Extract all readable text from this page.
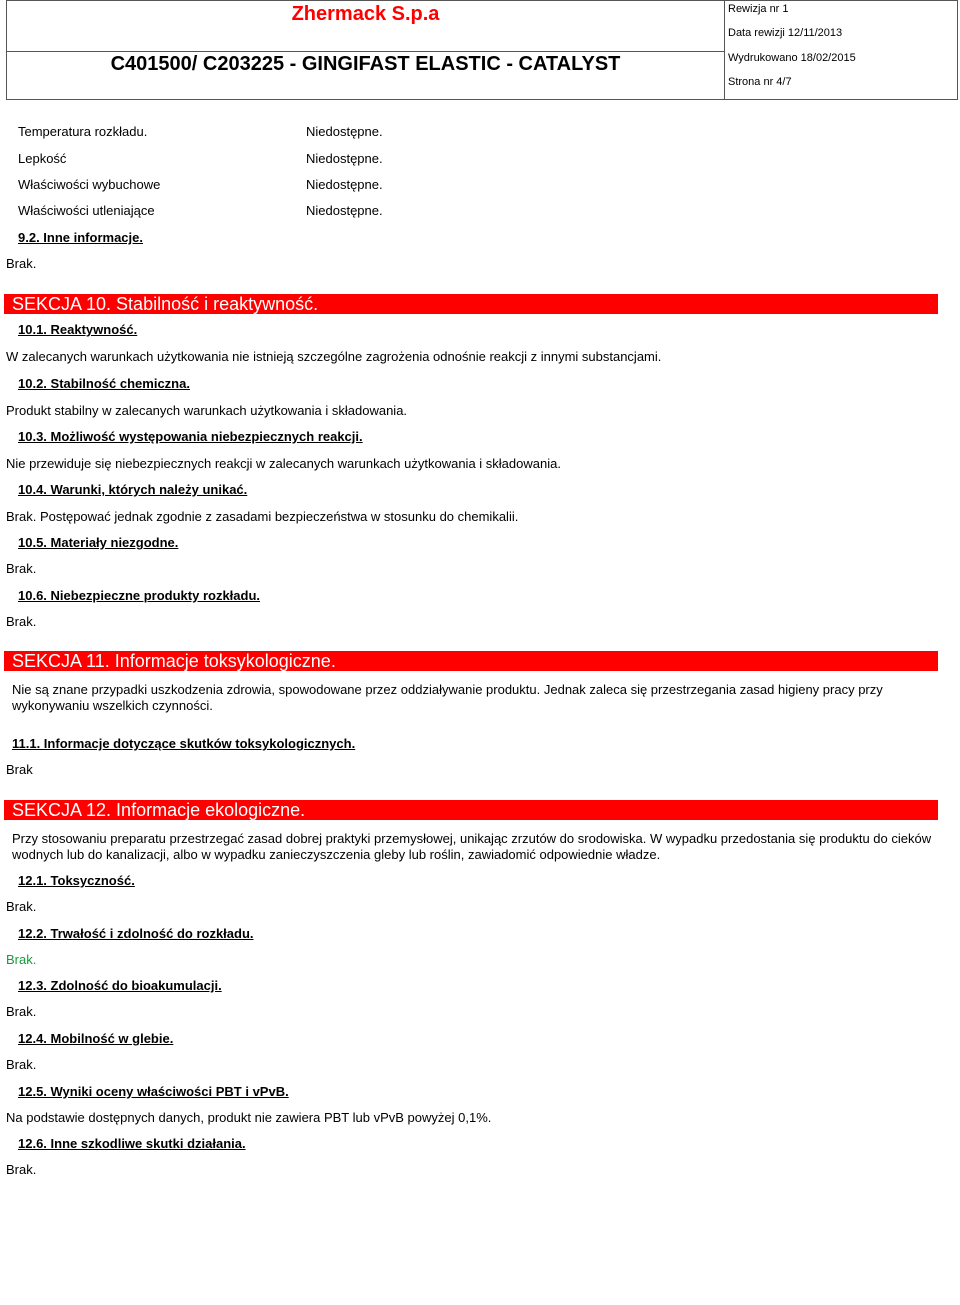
Zhermack S.p.a
C401500/ C203225 - GINGIFAST ELASTIC - CATALYST
Rewizja nr 1
Data rewizji 12/11/2013
Wydrukowano 18/02/2015
Strona nr 4/7
Temperatura rozkładu.	Niedostępne.
Lepkość	Niedostępne.
Właściwości wybuchowe	Niedostępne.
Właściwości utleniające	Niedostępne.
9.2. Inne informacje.
Brak.
SEKCJA 10. Stabilność i reaktywność.
10.1. Reaktywność.
W zalecanych warunkach użytkowania nie istnieją szczególne zagrożenia odnośnie reakcji z innymi substancjami.
10.2. Stabilność chemiczna.
Produkt stabilny w zalecanych warunkach użytkowania i składowania.
10.3. Możliwość występowania niebezpiecznych reakcji.
Nie przewiduje się niebezpiecznych reakcji w zalecanych warunkach użytkowania i składowania.
10.4. Warunki, których należy unikać.
Brak. Postępować jednak zgodnie z zasadami bezpieczeństwa w stosunku do chemikalii.
10.5. Materiały niezgodne.
Brak.
10.6. Niebezpieczne produkty rozkładu.
Brak.
SEKCJA 11. Informacje toksykologiczne.
Nie są znane przypadki uszkodzenia zdrowia, spowodowane przez oddziaływanie produktu. Jednak zaleca się przestrzegania zasad higieny pracy przy wykonywaniu wszelkich czynności.
11.1. Informacje dotyczące skutków toksykologicznych.
Brak
SEKCJA 12. Informacje ekologiczne.
Przy stosowaniu preparatu przestrzegać zasad dobrej praktyki przemysłowej, unikając zrzutów do srodowiska. W wypadku przedostania się produktu do cieków wodnych lub do kanalizacji, albo w wypadku zanieczyszczenia gleby lub roślin, zawiadomić odpowiednie władze.
12.1. Toksyczność.
Brak.
12.2. Trwałość i zdolność do rozkładu.
Brak.
12.3. Zdolność do bioakumulacji.
Brak.
12.4. Mobilność w glebie.
Brak.
12.5. Wyniki oceny właściwości PBT i vPvB.
Na podstawie dostępnych danych, produkt nie zawiera PBT lub vPvB powyżej 0,1%.
12.6. Inne szkodliwe skutki działania.
Brak.
